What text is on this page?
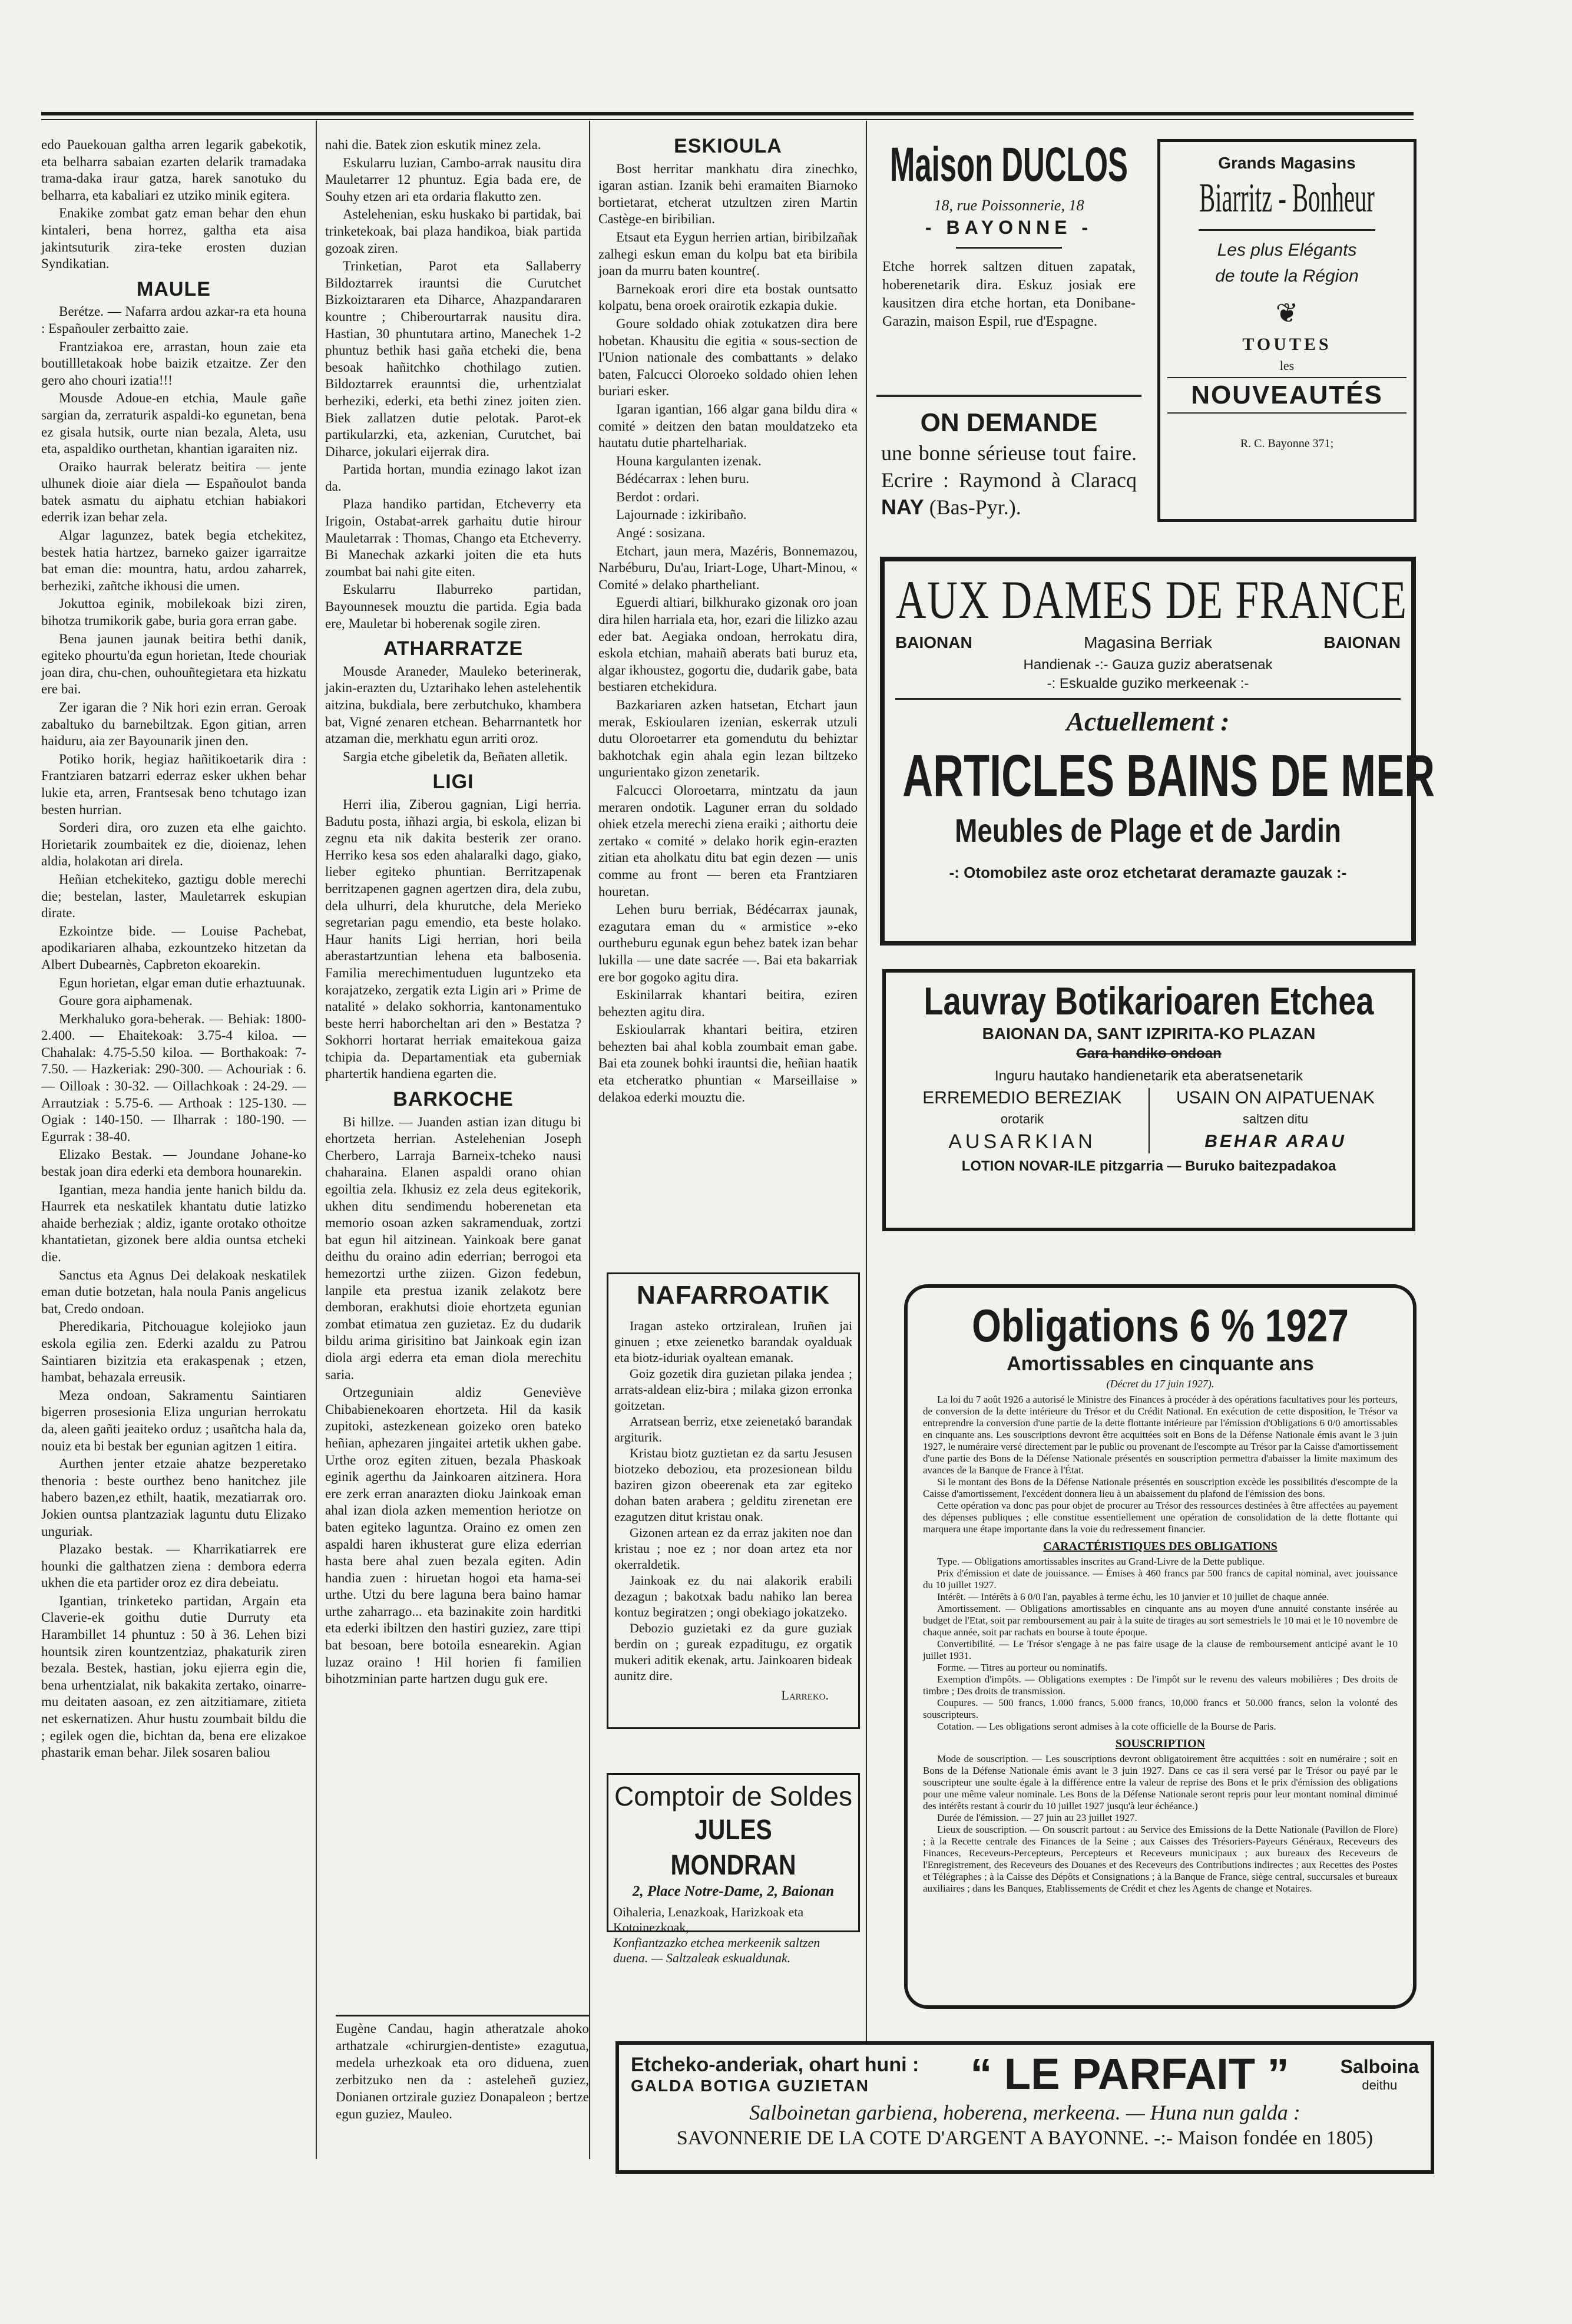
edo Pauekouan galtha arren legarik gabekotik, eta belharra sabaian ezarten delarik tramadaka trama-daka iraur gatza, harek sanotuko du belharra, eta kabaliari ez utziko minik egitera.

Enakike zombat gatz eman behar den ehun kintaleri, bena horrez, galtha eta aisa jakintsuturik zira-teke erosten duzian Syndikatian.

MAULE

Berétze. — Nafarra ardou azkar-ra eta houna : Españouler zerbaitto zaie.

Frantziakoa ere, arrastan, houn zaie eta boutillletakoak hobe baizik etzaitze. Zer den gero aho chouri izatia!!!

Mousde Adoue-en etchia, Maule gañe sargian da, zerraturik aspaldi-ko egunetan, bena ez gisala hutsik, ourte nian bezala, Aleta, usu eta, aspaldiko ourthetan, khantian igaraiten niz.

Oraiko haurrak beleratz beitira — jente ulhunek dioie aiar diela — Españoulot banda batek asmatu du aiphatu etchian habiakori ederrik izan behar zela.

Algar lagunzez, batek begia etchekitez, bestek hatia hartzez, barneko gaizer igarraitze bat eman die: mountra, hatu, ardou zaharrek, berheziki, zañtche ikhousi die umen.

Jokuttoa eginik, mobilekoak bizi ziren, bihotza trumikorik gabe, buria gora erran gabe.

Bena jaunen jaunak beitira bethi danik, egiteko phourtu'da egun horietan, Itede chouriak joan dira, chu-chen, ouhouñtegietara eta hizkatu ere bai.

Zer igaran die ? Nik hori ezin erran. Geroak zabaltuko du barnebiltzak. Egon gitian, arren haiduru, aia zer Bayounarik jinen den.

Potiko horik, hegiaz hañitikoetarik dira : Frantziaren batzarri ederraz esker ukhen behar lukie eta, arren, Frantsesak beno tchutago izan besten hurrian.

Sorderi dira, oro zuzen eta elhe gaichto. Horietarik zoumbaitek ez die, dioienaz, lehen aldia, holakotan ari direla.

Heñian etchekiteko, gaztigu doble merechi die; bestelan, laster, Mauletarrek eskupian dirate.

Ezkointze bide. — Louise Pachebat, apodikariaren alhaba, ezkountzeko hitzetan da Albert Dubearnès, Capbreton ekoarekin.

Egun horietan, elgar eman dutie erhaztuunak.

Goure gora aiphamenak.

Merkhaluko gora-beherak. — Behiak: 1800-2.400. — Ehaitekoak: 3.75-4 kiloa. — Chahalak: 4.75-5.50 kiloa. — Borthakoak: 7-7.50. — Hazkeriak: 290-300. — Achouriak : 6. — Oilloak : 30-32. — Oillachkoak : 24-29. — Arrautziak : 5.75-6. — Arthoak : 125-130. — Ogiak : 140-150. — Ilharrak : 180-190. — Egurrak : 38-40.

Elizako Bestak. — Joundane Johane-ko bestak joan dira ederki eta dembora hounarekin.

Igantian, meza handia jente hanich bildu da. Haurrek eta neskatilek khantatu dutie latizko ahaide berheziak ; aldiz, igante orotako othoitze khantatietan, gizonek bere aldia ountsa etcheki die.

Sanctus eta Agnus Dei delakoak neskatilek eman dutie botzetan, hala noula Panis angelicus bat, Credo ondoan.

Pheredikaria, Pitchouague kolejioko jaun eskola egilia zen. Ederki azaldu zu Patrou Saintiaren bizitzia eta erakaspenak ; etzen, hambat, behazala erreusik.

Meza ondoan, Sakramentu Saintiaren bigerren prosesionia Eliza ungurian herrokatu da, aleen gañti jeaiteko orduz ; usañtcha hala da, nouiz eta bi bestak ber egunian agitzen 1 eitira.

Aurthen jenter etzaie ahatze bezperetako thenoria : beste ourthez beno hanitchez jile habero bazen,ez ethilt, haatik, mezatiarrak oro. Jokien ountsa plantzaziak laguntu dutu Elizako unguriak.

Plazako bestak. — Kharrikatiarrek ere hounki die galthatzen ziena : dembora ederra ukhen die eta partider oroz ez dira debeiatu.

Igantian, trinketeko partidan, Argain eta Claverie-ek goithu dutie Durruty eta Harambillet 14 phuntuz : 50 à 36. Lehen bizi hountsik ziren kountzentziaz, phakaturik ziren bezala. Bestek, hastian, joku ejierra egin die, bena urhentzialat, nik bakakita zertako, oinarre-mu deitaten aasoan, ez zen aitzitiamare, zitieta net eskernatizen. Ahur hustu zoumbait bildu die ; egilek ogen die, bichtan da, bena ere elizakoe phastarik eman behar. Jilek sosaren baliou

nahi die. Batek zion eskutik minez zela.

Eskularru luzian, Cambo-arrak nausitu dira Mauletarrer 12 phuntuz. Egia bada ere, de Souhy etzen ari eta ordaria flakutto zen.

Astelehenian, esku huskako bi partidak, bai trinketekoak, bai plaza handikoa, biak partida gozoak ziren.

Trinketian, Parot eta Sallaberry Bildoztarrek irauntsi die Curutchet Bizkoiztararen eta Diharce, Ahazpandararen kountre ; Chiberourtarrak nausitu dira. Hastian, 30 phuntutara artino, Manechek 1-2 phuntuz bethik hasi gaña etcheki die, bena besoak hañitchko chothilago zutien. Bildoztarrek eraunntsi die, urhentzialat berheziki, ederki, eta bethi zinez joiten zien. Biek zallatzen dutie pelotak. Parot-ek partikularzki, eta, azkenian, Curutchet, bai Diharce, jokulari eijerrak dira.

Partida hortan, mundia ezinago lakot izan da.

Plaza handiko partidan, Etcheverry eta Irigoin, Ostabat-arrek garhaitu dutie hirour Mauletarrak : Thomas, Chango eta Etcheverry. Bi Manechak azkarki joiten die eta huts zoumbat bai nahi gite eiten.

Eskularru Ilaburreko partidan, Bayounnesek mouztu die partida. Egia bada ere, Mauletar bi hoberenak sogile ziren.

ATHARRATZE

Mousde Araneder, Mauleko beterinerak, jakin-erazten du, Uztarihako lehen astelehentik aitzina, bukdiala, bere zerbutchuko, khambera bat, Vigné zenaren etchean. Beharrnantetk hor atzaman die, merkhatu egun arriti oroz.

Sargia etche gibeletik da, Beñaten alletik.

LIGI

Herri ilia, Ziberou gagnian, Ligi herria. Badutu posta, iñhazi argia, bi eskola, elizan bi zegnu eta nik dakita besterik zer orano. Herriko kesa sos eden ahalaralki dago, giako, lieber egiteko phuntian. Berritzapenak berritzapenen gagnen agertzen dira, dela zubu, dela ulhurri, dela khurutche, dela Merieko segretarian pagu emendio, eta beste holako. Haur hanits Ligi herrian, hori beila aberastartzuntian lehena eta balbosenia. Familia merechimentuduen luguntzeko eta korajatzeko, zergatik ezta Ligin ari » Prime de natalité » delako sokhorria, kantonamentuko beste herri haborcheltan ari den » Bestatza ? Sokhorri hortarat herriak emaitekoua gaiza tchipia da. Departamentiak eta guberniak phartertik handiena egarten die.

BARKOCHE

Bi hillze. — Juanden astian izan ditugu bi ehortzeta herrian. Astelehenian Joseph Cherbero, Larraja Barneix-tcheko nausi chaharaina. Elanen aspaldi orano ohian egoiltia zela. Ikhusiz ez zela deus egitekorik, ukhen ditu sendimendu hoberenetan eta memorio osoan azken sakramenduak, zortzi bat egun hil aitzinean. Yainkoak bere ganat deithu du oraino adin ederrian; berrogoi eta hemezortzi urthe ziizen. Gizon fedebun, lanpile eta prestua izanik zelakotz bere demboran, erakhutsi dioie ehortzeta egunian zombat etimatua zen guzietaz. Ez du dudarik bildu arima girisitino bat Jainkoak egin izan diola argi ederra eta eman diola merechitu saria.

Ortzeguniain aldiz Geneviève Chibabienekoaren ehortzeta. Hil da kasik zupitoki, astezkenean goizeko oren bateko heñian, aphezaren jingaitei artetik ukhen gabe. Urthe oroz egiten zituen, bezala Phaskoak eginik agerthu da Jainkoaren aitzinera. Hora ere zerk erran anarazten dioku Jainkoak eman ahal izan diola azken memention heriotze on baten egiteko laguntza. Oraino ez omen zen aspaldi haren ikhusterat gure eliza ederrian hasta bere ahal zuen bezala egiten. Adin handia zuen : hiruetan hogoi eta hama-sei urthe. Utzi du bere laguna bera baino hamar urthe zaharrago... eta bazinakite zoin harditki eta ederki ibiltzen den hastiri guziez, zare ttipi bat besoan, bere botoila esnearekin. Agian luzaz oraino ! Hil horien fi familien bihotzminian parte hartzen dugu guk ere.

ESKIOULA

Bost herritar mankhatu dira zinechko, igaran astian. Izanik behi eramaiten Biarnoko bortietarat, etcherat utzultzen ziren Martin Castège-en biribilian.

Etsaut eta Eygun herrien artian, biribilzañak zalhegi eskun eman du kolpu bat eta biribila joan da murru baten kountre(.

Barnekoak erori dire eta bostak ountsatto kolpatu, bena oroek orairotik ezkapia dukie.

Goure soldado ohiak zotukatzen dira bere hobetan. Khausitu die egitia « sous-section de l'Union nationale des combattants » delako baten, Falcucci Oloroeko soldado ohien lehen buriari esker.

Igaran igantian, 166 algar gana bildu dira « comité » deitzen den batan mouldatzeko eta hautatu dutie phartelhariak.

Houna kargulanten izenak.

Bédécarrax : lehen buru.

Berdot : ordari.

Lajournade : izkiribaño.

Angé : sosizana.

Etchart, jaun mera, Mazéris, Bonnemazou, Narbéburu, Du'au, Iriart-Loge, Uhart-Minou, « Comité » delako phartheliant.

Eguerdi altiari, bilkhurako gizonak oro joan dira hilen harriala eta, hor, ezari die lilizko azau eder bat. Aegiaka ondoan, herrokatu dira, eskola etchian, mahaiñ aberats bati buruz eta, algar ikhoustez, gogortu die, dudarik gabe, bata bestiaren etchekidura.

Bazkariaren azken hatsetan, Etchart jaun merak, Eskioularen izenian, eskerrak utzuli dutu Oloroetarrer eta gomendutu du behiztar bakhotchak egin ahala egin lezan biltzeko ungurientako gizon zenetarik.

Falcucci Oloroetarra, mintzatu da jaun meraren ondotik. Laguner erran du soldado ohiek etzela merechi ziena eraiki ; aithortu deie zertako « comité » delako horik egin-erazten zitian eta aholkatu ditu bat egin dezen — unis comme au front — beren eta Frantziaren houretan.

Lehen buru berriak, Bédécarrax jaunak, ezagutara eman du « armistice »-eko ourtheburu egunak egun behez batek izan behar lukilla — une date sacrée —. Bai eta bakarriak ere bor gogoko agitu dira.

Eskinilarrak khantari beitira, eziren behezten agitu dira.

Eskioularrak khantari beitira, etziren behezten bai ahal kobla zoumbait eman gabe. Bai eta zounek bohki irauntsi die, heñian haatik eta etcheratko phuntian « Marseillaise » delakoa ederki mouztu die.

NAFARROATIK

Iragan asteko ortziralean, Iruñen jai ginuen ; etxe zeienetko barandak oyalduak eta biotz-iduriak oyaltean emanak.

Goiz gozetik dira guzietan pilaka jendea ; arrats-aldean eliz-bira ; milaka gizon erronka goitzetan.

Arratsean berriz, etxe zeienetakó barandak argiturik.

Kristau biotz guztietan ez da sartu Jesusen biotzeko deboziou, eta prozesionean bildu baziren gizon obeerenak eta zar egiteko dohan baten arabera ; gelditu zirenetan ere ezagutzen ditut kristau onak.

Gizonen artean ez da erraz jakiten noe dan kristau ; noe ez ; nor doan artez eta nor okerraldetik.

Jainkoak ez du nai alakorik erabili dezagun ; bakotxak badu nahiko lan berea kontuz begiratzen ; ongi obekiago jokatzeko.

Debozio guzietaki ez da gure guziak berdin on ; gureak ezpaditugu, ez orgatik mukeri aditik ekenak, artu. Jainkoaren bideak aunitz dire.

Larreko.
Comptoir de Soldes
JULES MONDRAN
2, Place Notre-Dame, 2, Baionan
Oihaleria, Lenazkoak, Harizkoak eta Kotoinezkoak,
Konfiantzazko etchea merkeenik saltzen duena. — Saltzaleak eskualdunak.
Eugène Candau, hagin atheratzale ahoko arthatzale «chirurgien-dentiste» ezagutua, medela urhezkoak eta oro diduena, zuen zerbitzuko nen da : asteleheñ guziez, Donianen ortzirale guziez Donapaleon ; bertze egun guziez, Mauleo.
Maison DUCLOS
18, rue Poissonnerie, 18
- BAYONNE -
Etche horrek saltzen dituen zapatak, hoberenetarik dira. Eskuz josiak ere kausitzen dira etche hortan, eta Donibane-Garazin, maison Espil, rue d'Espagne.
ON DEMANDE
une bonne sérieuse tout faire. Ecrire : Raymond à Claracq NAY (Bas-Pyr.).
Grands Magasins
Biarritz - Bonheur
Les plus Elégants
de toute la Région
❦
TOUTES
les
NOUVEAUTÉS
R. C. Bayonne 371;
AUX DAMES DE FRANCE
BAIONAN	Magasina Berriak	BAIONAN
Handienak -:- Gauza guziz aberatsenak
-: Eskualde guziko merkeenak :-
Actuellement :
ARTICLES BAINS DE MER
Meubles de Plage et de Jardin
-: Otomobilez aste oroz etchetarat deramazte gauzak :-
Lauvray Botikarioaren Etchea
BAIONAN DA, SANT IZPIRITA-KO PLAZAN
Gara handiko ondoan
Inguru hautako handienetarik eta aberatsenetarik
ERREMEDIO BEREZIAK
orotarik
AUSARKIAN
USAIN ON AIPATUENAK
saltzen ditu
BEHAR ARAU
LOTION NOVAR-ILE pitzgarria — Buruko baitezpadakoa
Obligations 6 % 1927
Amortissables en cinquante ans
(Décret du 17 juin 1927).
La loi du 7 août 1926 a autorisé le Ministre des Finances à procéder à des opérations facultatives pour les porteurs, de conversion de la dette intérieure du Trésor et du Crédit National. En exécution de cette disposition, le Trésor va entreprendre la conversion d'une partie de la dette flottante intérieure par l'émission d'Obligations 6 0/0 amortissables en cinquante ans. Les souscriptions devront être acquittées soit en Bons de la Défense Nationale émis avant le 3 juin 1927, le numéraire versé directement par le public ou provenant de l'escompte au Trésor par la Caisse d'amortissement d'une partie des Bons de la Défense Nationale présentés en souscription permettra d'abaisser la limite maximum des avances de la Banque de France à l'État.
Si le montant des Bons de la Défense Nationale présentés en souscription excède les possibilités d'escompte de la Caisse d'amortissement, l'excédent donnera lieu à un abaissement du plafond de l'émission des bons.
Cette opération va donc pas pour objet de procurer au Trésor des ressources destinées à être affectées au payement des dépenses publiques ; elle constitue essentiellement une opération de consolidation de la dette flottante qui marquera une étape importante dans la voie du redressement financier.
CARACTÉRISTIQUES DES OBLIGATIONS
Type. — Obligations amortissables inscrites au Grand-Livre de la Dette publique.
Prix d'émission et date de jouissance. — Émises à 460 francs par 500 francs de capital nominal, avec jouissance du 10 juillet 1927.
Intérêt. — Intérêts à 6 0/0 l'an, payables à terme échu, les 10 janvier et 10 juillet de chaque année.
Amortissement. — Obligations amortissables en cinquante ans au moyen d'une annuité constante insérée au budget de l'Etat, soit par remboursement au pair à la suite de tirages au sort semestriels le 10 mai et le 10 novembre de chaque année, soit par rachats en bourse à toute époque.
Convertibilité. — Le Trésor s'engage à ne pas faire usage de la clause de remboursement anticipé avant le 10 juillet 1931.
Forme. — Titres au porteur ou nominatifs.
Exemption d'impôts. — Obligations exemptes : De l'impôt sur le revenu des valeurs mobilières ; Des droits de timbre ; Des droits de transmission.
Coupures. — 500 francs, 1.000 francs, 5.000 francs, 10,000 francs et 50.000 francs, selon la volonté des souscripteurs.
Cotation. — Les obligations seront admises à la cote officielle de la Bourse de Paris.
SOUSCRIPTION
Mode de souscription. — Les souscriptions devront obligatoirement être acquittées : soit en numéraire ; soit en Bons de la Défense Nationale émis avant le 3 juin 1927. Dans ce cas il sera versé par le Trésor ou payé par le souscripteur une soulte égale à la différence entre la valeur de reprise des Bons et le prix d'émission des obligations pour une même valeur nominale. Les Bons de la Défense Nationale seront repris pour leur montant nominal diminué des intérêts restant à courir du 10 juillet 1927 jusqu'à leur échéance.)
Durée de l'émission. — 27 juin au 23 juillet 1927.
Lieux de souscription. — On souscrit partout : au Service des Emissions de la Dette Nationale (Pavillon de Flore) ; à la Recette centrale des Finances de la Seine ; aux Caisses des Trésoriers-Payeurs Généraux, Receveurs des Finances, Receveurs-Percepteurs, Percepteurs et Receveurs municipaux ; aux bureaux des Receveurs de l'Enregistrement, des Receveurs des Douanes et des Receveurs des Contributions indirectes ; aux Recettes des Postes et Télégraphes ; à la Caisse des Dépôts et Consignations ; à la Banque de France, siège central, succursales et bureaux auxiliaires ; dans les Banques, Etablissements de Crédit et chez les Agents de change et Notaires.
Etcheko-anderiak, ohart huni :
GALDA BOTIGA GUZIETAN	“ LE PARFAIT ”	Salboina
deithu
Salboinetan garbiena, hoberena, merkeena. — Huna nun galda :
SAVONNERIE DE LA COTE D'ARGENT A BAYONNE. -:- Maison fondée en 1805)
